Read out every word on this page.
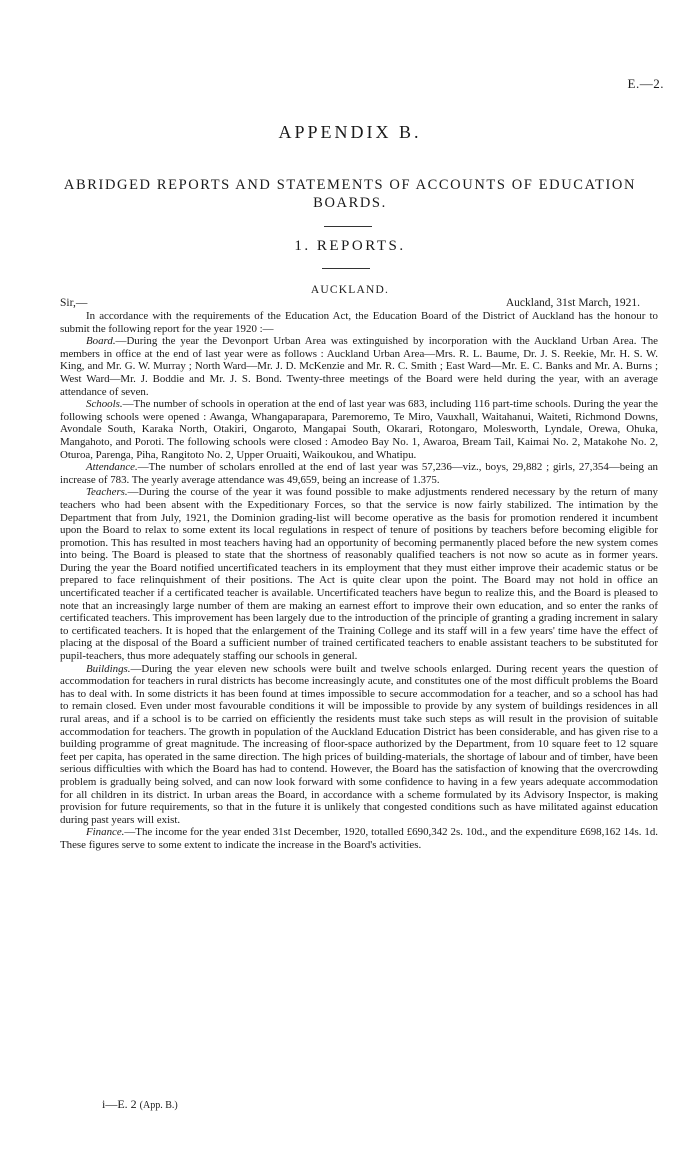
E.—2.
APPENDIX B.
ABRIDGED REPORTS AND STATEMENTS OF ACCOUNTS OF EDUCATION BOARDS.
1. REPORTS.
AUCKLAND.
Sir,—	Auckland, 31st March, 1921.

In accordance with the requirements of the Education Act, the Education Board of the District of Auckland has the honour to submit the following report for the year 1920 :—

Board.—During the year the Devonport Urban Area was extinguished by incorporation with the Auckland Urban Area. The members in office at the end of last year were as follows : Auckland Urban Area—Mrs. R. L. Baume, Dr. J. S. Reekie, Mr. H. S. W. King, and Mr. G. W. Murray ; North Ward—Mr. J. D. McKenzie and Mr. R. C. Smith ; East Ward—Mr. E. C. Banks and Mr. A. Burns ; West Ward—Mr. J. Boddie and Mr. J. S. Bond. Twenty-three meetings of the Board were held during the year, with an average attendance of seven.

Schools.—The number of schools in operation at the end of last year was 683, including 116 part-time schools. During the year the following schools were opened : Awanga, Whangaparapara, Paremoremo, Te Miro, Vauxhall, Waitahanui, Waiteti, Richmond Downs, Avondale South, Karaka North, Otakiri, Ongaroto, Mangapai South, Okarari, Rotongaro, Molesworth, Lyndale, Orewa, Ohuka, Mangahoto, and Poroti. The following schools were closed : Amodeo Bay No. 1, Awaroa, Bream Tail, Kaimai No. 2, Matakohe No. 2, Oturoa, Parenga, Piha, Rangitoto No. 2, Upper Oruaiti, Waikoukou, and Whatipu.

Attendance.—The number of scholars enrolled at the end of last year was 57,236—viz., boys, 29,882 ; girls, 27,354—being an increase of 783. The yearly average attendance was 49,659, being an increase of 1.375.

Teachers.—During the course of the year it was found possible to make adjustments rendered necessary by the return of many teachers who had been absent with the Expeditionary Forces, so that the service is now fairly stabilized. The intimation by the Department that from July, 1921, the Dominion grading-list will become operative as the basis for promotion rendered it incumbent upon the Board to relax to some extent its local regulations in respect of tenure of positions by teachers before becoming eligible for promotion. This has resulted in most teachers having had an opportunity of becoming permanently placed before the new system comes into being. The Board is pleased to state that the shortness of reasonably qualified teachers is not now so acute as in former years. During the year the Board notified uncertificated teachers in its employment that they must either improve their academic status or be prepared to face relinquishment of their positions. The Act is quite clear upon the point. The Board may not hold in office an uncertificated teacher if a certificated teacher is available. Uncertificated teachers have begun to realize this, and the Board is pleased to note that an increasingly large number of them are making an earnest effort to improve their own education, and so enter the ranks of certificated teachers. This improvement has been largely due to the introduction of the principle of granting a grading increment in salary to certificated teachers. It is hoped that the enlargement of the Training College and its staff will in a few years' time have the effect of placing at the disposal of the Board a sufficient number of trained certificated teachers to enable assistant teachers to be substituted for pupil-teachers, thus more adequately staffing our schools in general.

Buildings.—During the year eleven new schools were built and twelve schools enlarged. During recent years the question of accommodation for teachers in rural districts has become increasingly acute, and constitutes one of the most difficult problems the Board has to deal with. In some districts it has been found at times impossible to secure accommodation for a teacher, and so a school has had to remain closed. Even under most favourable conditions it will be impossible to provide by any system of buildings residences in all rural areas, and if a school is to be carried on efficiently the residents must take such steps as will result in the provision of suitable accommodation for teachers. The growth in population of the Auckland Education District has been considerable, and has given rise to a building programme of great magnitude. The increasing of floor-space authorized by the Department, from 10 square feet to 12 square feet per capita, has operated in the same direction. The high prices of building-materials, the shortage of labour and of timber, have been serious difficulties with which the Board has had to contend. However, the Board has the satisfaction of knowing that the overcrowding problem is gradually being solved, and can now look forward with some confidence to having in a few years adequate accommodation for all children in its district. In urban areas the Board, in accordance with a scheme formulated by its Advisory Inspector, is making provision for future requirements, so that in the future it is unlikely that congested conditions such as have militated against education during past years will exist.

Finance.—The income for the year ended 31st December, 1920, totalled £690,342 2s. 10d., and the expenditure £698,162 14s. 1d. These figures serve to some extent to indicate the increase in the Board's activities.

i—E. 2 (App. B.)
